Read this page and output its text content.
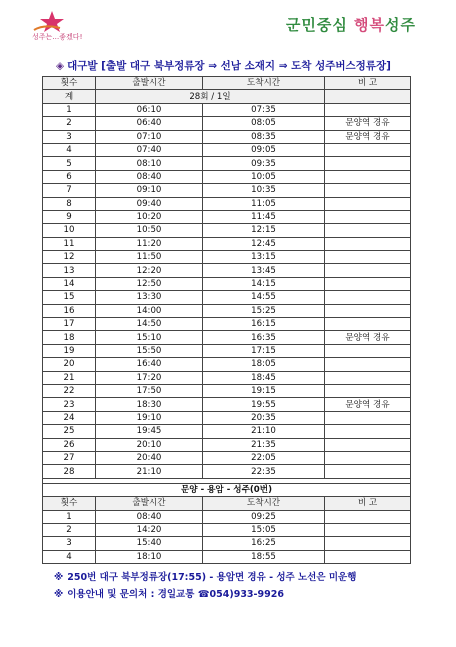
성주는…좋겠다!
군민중심 행복성주
◈ 대구발 [출발 대구 북부정류장 ⇒ 선남 소재지 ⇒ 도착 성주버스정류장]
횟수	출발시간	도착시간	비 고
계	28회 / 1일		
1	06:10	07:35	
2	06:40	08:05	문양역 경유
3	07:10	08:35	문양역 경유
4	07:40	09:05	
5	08:10	09:35	
6	08:40	10:05	
7	09:10	10:35	
8	09:40	11:05	
9	10:20	11:45	
10	10:50	12:15	
11	11:20	12:45	
12	11:50	13:15	
13	12:20	13:45	
14	12:50	14:15	
15	13:30	14:55	
16	14:00	15:25	
17	14:50	16:15	
18	15:10	16:35	문양역 경유
19	15:50	17:15	
20	16:40	18:05	
21	17:20	18:45	
22	17:50	19:15	
23	18:30	19:55	문양역 경유
24	19:10	20:35	
25	19:45	21:10	
26	20:10	21:35	
27	20:40	22:05	
28	21:10	22:35	

문양 - 용암 - 성주(0번)			
횟수	출발시간	도착시간	비 고
1	08:40	09:25	
2	14:20	15:05	
3	15:40	16:25	
4	18:10	18:55	
※ 250번 대구 북부정류장(17:55) - 용암면 경유 - 성주 노선은 미운행
※ 이용안내 및 문의처 : 경일교통 ☎054)933-9926
